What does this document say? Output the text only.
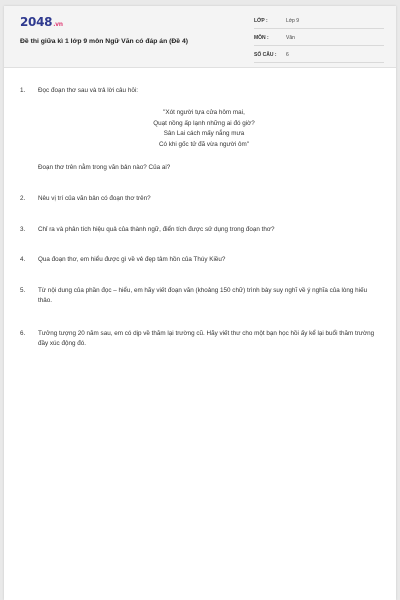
2048.vn
Đề thi giữa kì 1 lớp 9 môn Ngữ Văn có đáp án (Đề 4)
LỚP :	Lớp 9
MÔN :	Văn
SỐ CÂU : 6
1. Đọc đoạn thơ sau và trả lời câu hỏi:
"Xót người tựa cửa hôm mai,
Quạt nồng ấp lạnh những ai đó giờ?
Sân Lai cách mấy nắng mưa
Có khi gốc tử đã vừa người ôm"
Đoạn thơ trên nằm trong văn bản nào? Của ai?
2. Nêu vị trí của văn bản có đoạn thơ trên?
3. Chỉ ra và phân tích hiệu quả của thành ngữ, điển tích được sử dụng trong đoạn thơ?
4. Qua đoạn thơ, em hiểu được gì về vẻ đẹp tâm hồn của Thúy Kiều?
5. Từ nội dung của phần đọc – hiểu, em hãy viết đoạn văn (khoảng 150 chữ) trình bày suy nghĩ về ý nghĩa của lòng hiếu thảo.
6. Tưởng tượng 20 năm sau, em có dịp về thăm lại trường cũ. Hãy viết thư cho một bạn học hồi ấy kể lại buổi thăm trường đầy xúc động đó.
